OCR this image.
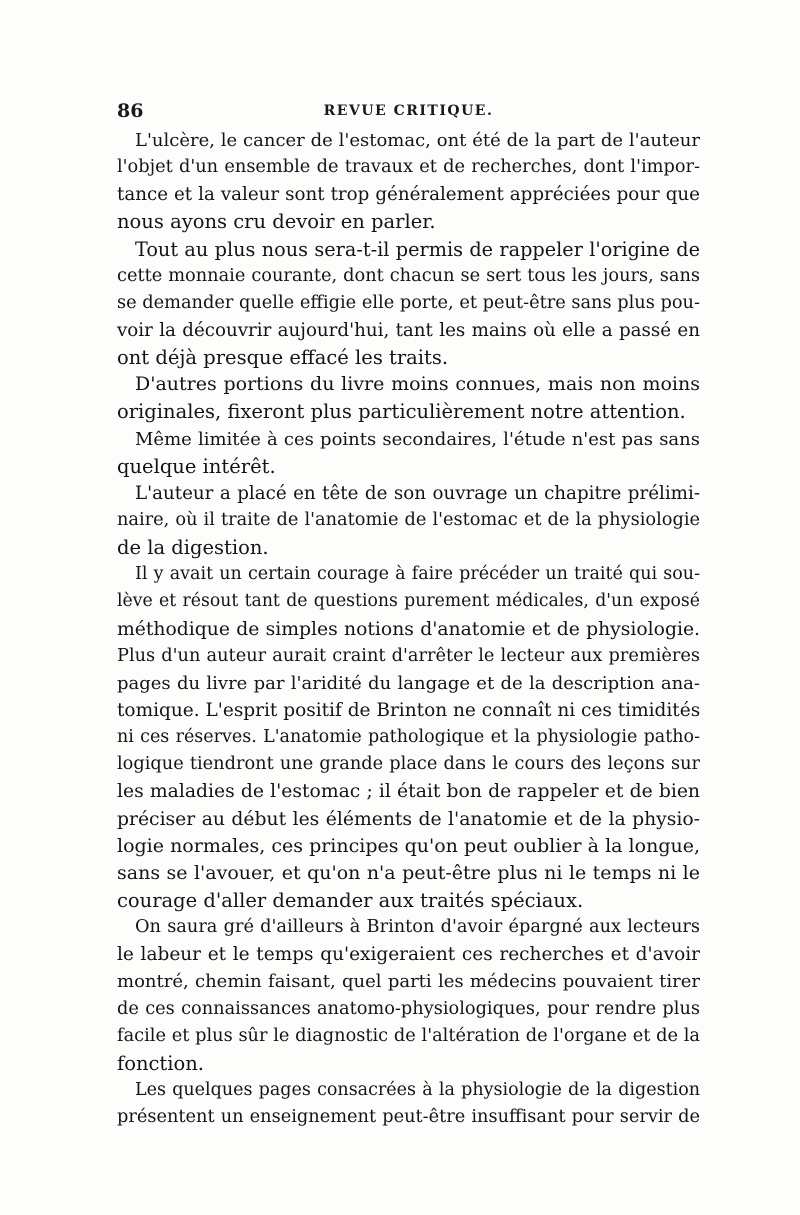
86	REVUE CRITIQUE.
L'ulcère, le cancer de l'estomac, ont été de la part de l'auteur
l'objet d'un ensemble de travaux et de recherches, dont l'impor-
tance et la valeur sont trop généralement appréciées pour que
nous ayons cru devoir en parler.
Tout au plus nous sera-t-il permis de rappeler l'origine de
cette monnaie courante, dont chacun se sert tous les jours, sans
se demander quelle effigie elle porte, et peut-être sans plus pou-
voir la découvrir aujourd'hui, tant les mains où elle a passé en
ont déjà presque effacé les traits.
D'autres portions du livre moins connues, mais non moins
originales, fixeront plus particulièrement notre attention.
Même limitée à ces points secondaires, l'étude n'est pas sans
quelque intérêt.
L'auteur a placé en tête de son ouvrage un chapitre prélimi-
naire, où il traite de l'anatomie de l'estomac et de la physiologie
de la digestion.
Il y avait un certain courage à faire précéder un traité qui sou-
lève et résout tant de questions purement médicales, d'un exposé
méthodique de simples notions d'anatomie et de physiologie.
Plus d'un auteur aurait craint d'arrêter le lecteur aux premières
pages du livre par l'aridité du langage et de la description ana-
tomique. L'esprit positif de Brinton ne connaît ni ces timidités
ni ces réserves. L'anatomie pathologique et la physiologie patho-
logique tiendront une grande place dans le cours des leçons sur
les maladies de l'estomac ; il était bon de rappeler et de bien
préciser au début les éléments de l'anatomie et de la physio-
logie normales, ces principes qu'on peut oublier à la longue,
sans se l'avouer, et qu'on n'a peut-être plus ni le temps ni le
courage d'aller demander aux traités spéciaux.
On saura gré d'ailleurs à Brinton d'avoir épargné aux lecteurs
le labeur et le temps qu'exigeraient ces recherches et d'avoir
montré, chemin faisant, quel parti les médecins pouvaient tirer
de ces connaissances anatomo-physiologiques, pour rendre plus
facile et plus sûr le diagnostic de l'altération de l'organe et de la
fonction.
Les quelques pages consacrées à la physiologie de la digestion
présentent un enseignement peut-être insuffisant pour servir de
